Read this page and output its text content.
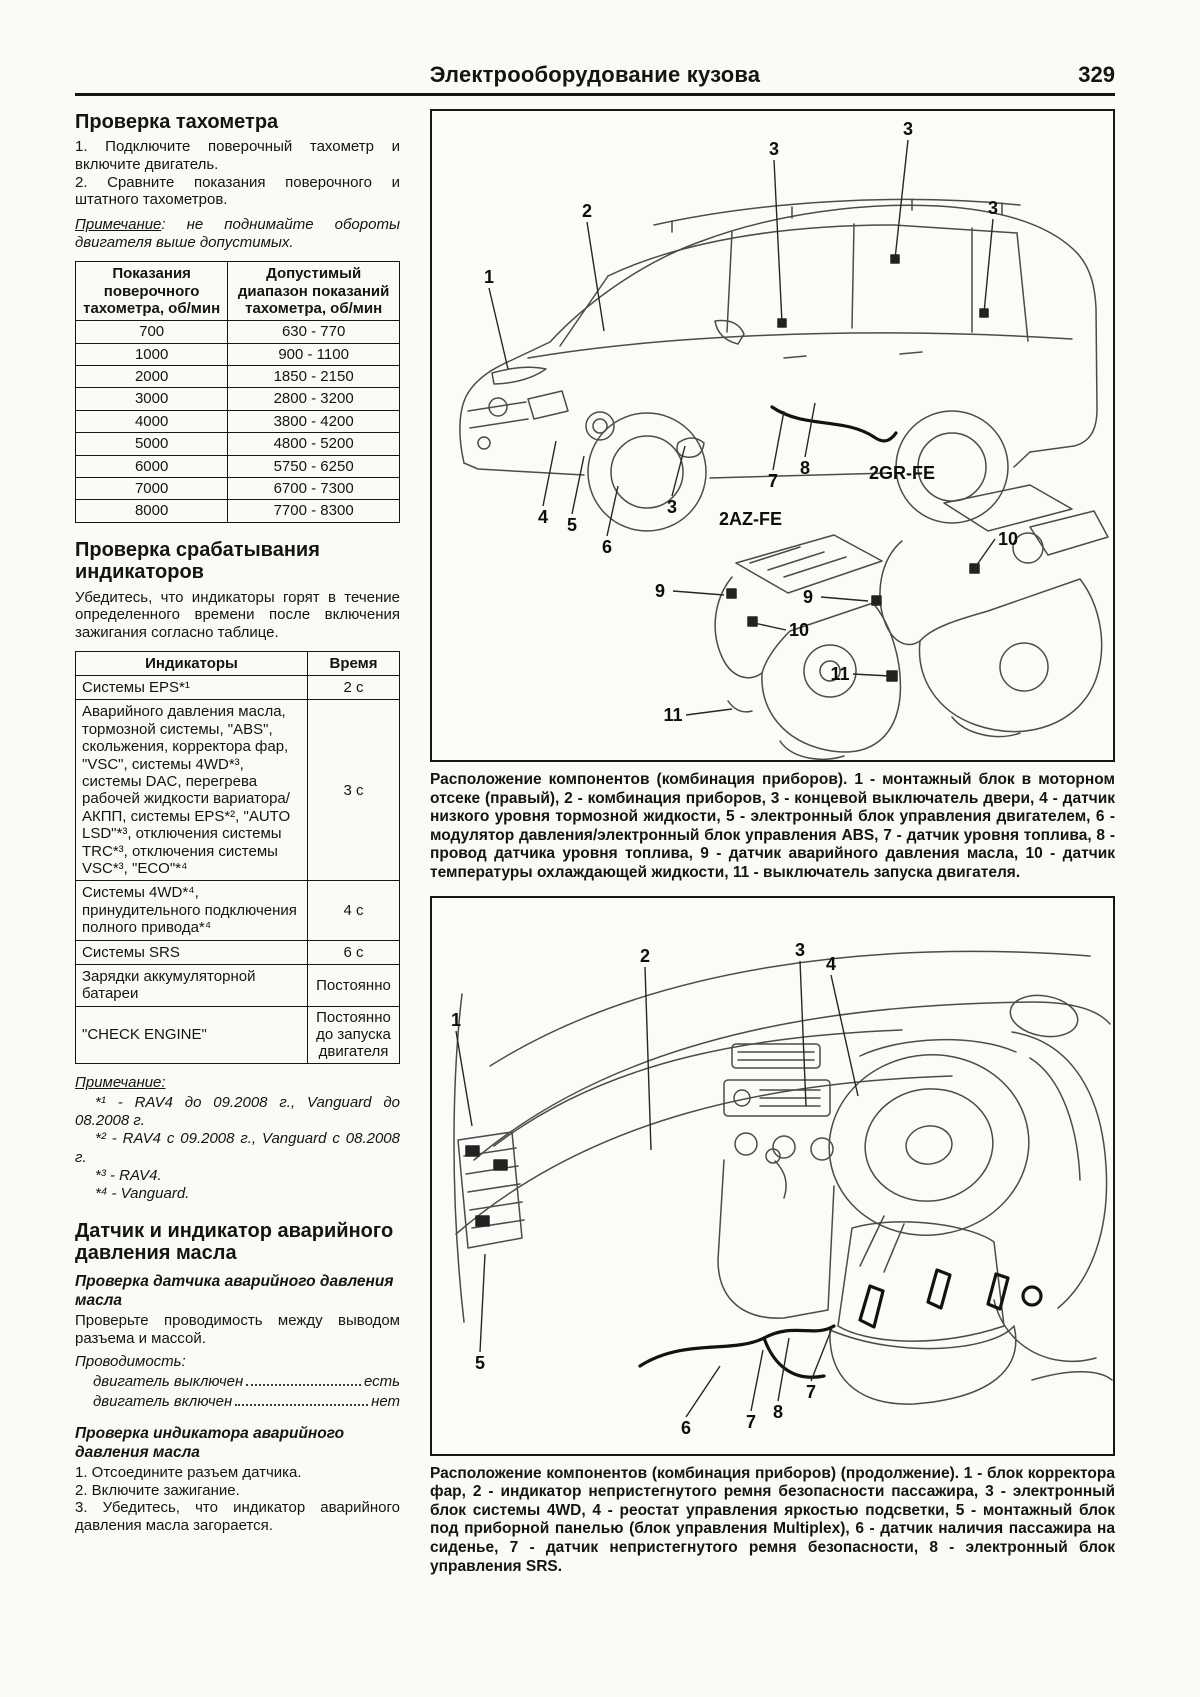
Электрооборудование кузова	329
Проверка тахометра

1. Подключите поверочный тахометр и включите двигатель.

2. Сравните показания поверочного и штатного тахометров.

Примечание: не поднимайте обороты двигателя выше допустимых.

Показания поверочного тахометра, об/мин	Допустимый диапазон показаний тахометра, об/мин
700	630 - 770
1000	900 - 1100
2000	1850 - 2150
3000	2800 - 3200
4000	3800 - 4200
5000	4800 - 5200
6000	5750 - 6250
7000	6700 - 7300
8000	7700 - 8300
Проверка срабатывания индикаторов

Убедитесь, что индикаторы горят в течение определенного времени после включения зажигания согласно таблице.

Индикаторы	Время
Системы EPS*¹	2 с
Аварийного давления масла, тормозной системы, "ABS", скольжения, корректора фар, "VSC", системы 4WD*³, системы DAC, перегрева рабочей жидкости вариатора/АКПП, системы EPS*², "AUTO LSD"*³, отключения системы TRC*³, отключения системы VSC*³, "ECO"*⁴	3 с
Системы 4WD*⁴, принудительного подключения полного привода*⁴	4 с
Системы SRS	6 с
Зарядки аккумуляторной батареи	Постоянно
"CHECK ENGINE"	Постоянно до запуска двигателя

Примечание:

*¹ - RAV4 до 09.2008 г., Vanguard до 08.2008 г.

*² - RAV4 с 09.2008 г., Vanguard с 08.2008 г.

*³ - RAV4.

*⁴ - Vanguard.

Датчик и индикатор аварийного давления масла
Проверка датчика аварийного давления масла

Проверьте проводимость между выводом разъема и массой.

Проводимость:

двигатель выключен	есть
двигатель включен	нет
Проверка индикатора аварийного давления масла

1. Отсоедините разъем датчика.

2. Включите зажигание.

3. Убедитесь, что индикатор аварийного давления масла загорается.

2AZ-FE
2GR-FE
1
2
3
3
3
4 5
6
3
7
8
9
10
11
9
10
11

Расположение компонентов (комбинация приборов). 1 - монтажный блок в моторном отсеке (правый), 2 - комбинация приборов, 3 - концевой выключатель двери, 4 - датчик низкого уровня тормозной жидкости, 5 - электронный блок управления двигателем, 6 - модулятор давления/электронный блок управления ABS, 7 - датчик уровня топлива, 8 - провод датчика уровня топлива, 9 - датчик аварийного давления масла, 10 - датчик температуры охлаждающей жидкости, 11 - выключатель запуска двигателя.

1
2	3
4
5
6	7 8
7

Расположение компонентов (комбинация приборов) (продолжение). 1 - блок корректора фар, 2 - индикатор непристегнутого ремня безопасности пассажира, 3 - электронный блок системы 4WD, 4 - реостат управления яркостью подсветки, 5 - монтажный блок под приборной панелью (блок управления Multiplex), 6 - датчик наличия пассажира на сиденье, 7 - датчик непристегнутого ремня безопасности, 8 - электронный блок управления SRS.
